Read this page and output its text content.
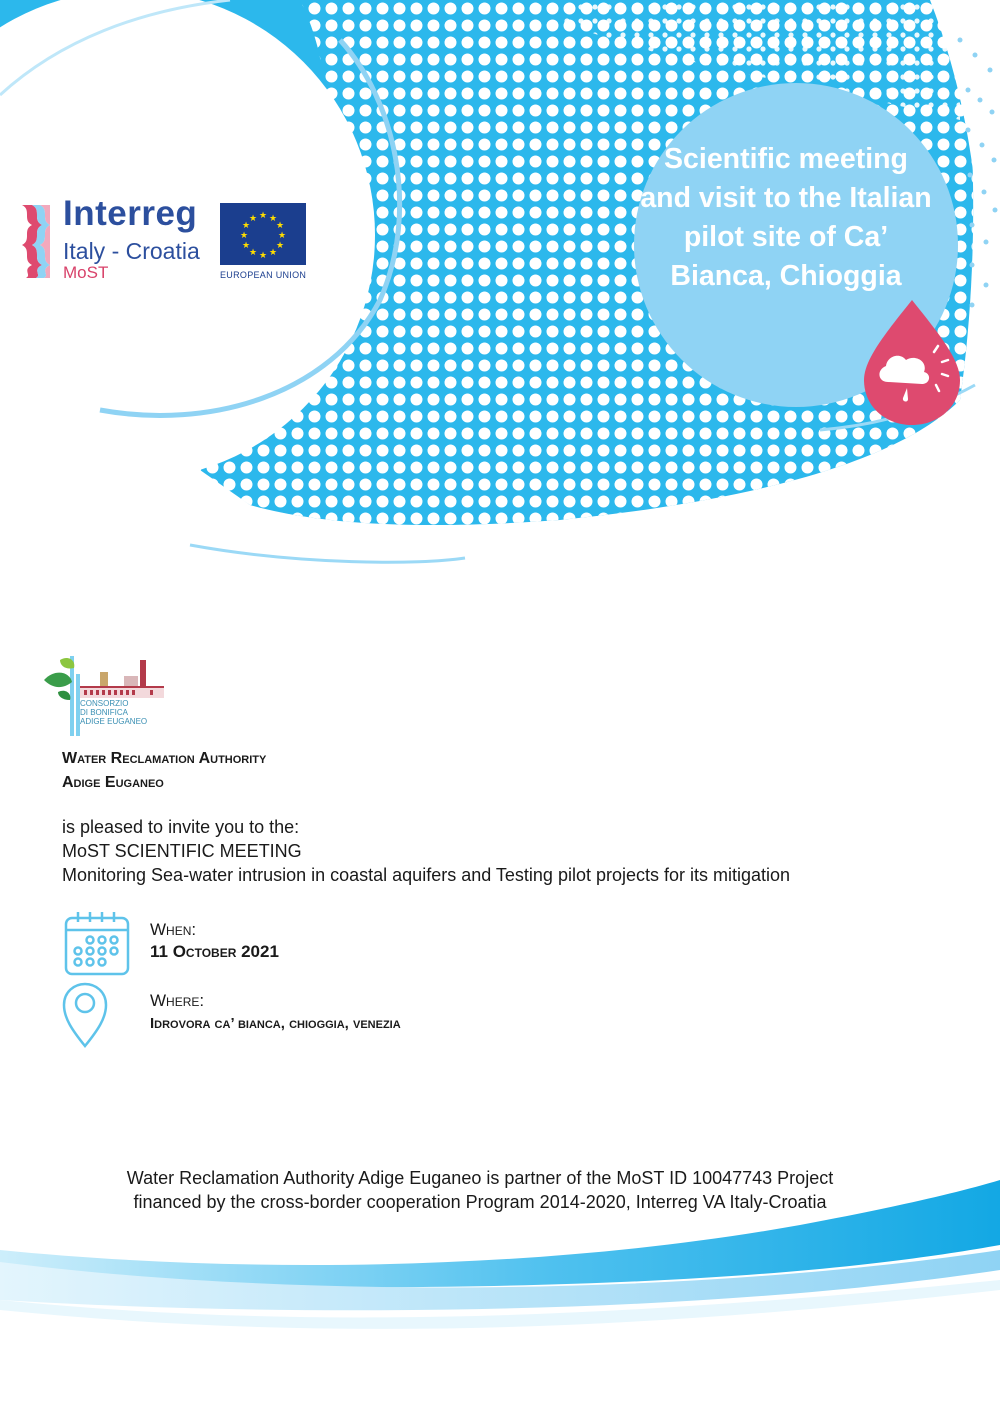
★ ★
★
★
★
★
★
★
★
★
★
★
Scientific meeting and visit to the Italian pilot site of Ca’ Bianca, Chioggia
Interreg
Italy - Croatia
MoST	EUROPEAN UNION
CONSORZIO
DI BONIFICA
ADIGE EUGANEO
Water Reclamation Authority
Adige Euganeo
is pleased to invite you to the:
MoST SCIENTIFIC MEETING
Monitoring Sea-water intrusion in coastal aquifers and Testing pilot projects for its mitigation
When:
11 October 2021
Where:
Idrovora ca’ bianca, chioggia, venezia
Water Reclamation Authority Adige Euganeo is partner of the MoST ID 10047743 Project
financed by the cross-border cooperation Program 2014-2020, Interreg VA Italy-Croatia
